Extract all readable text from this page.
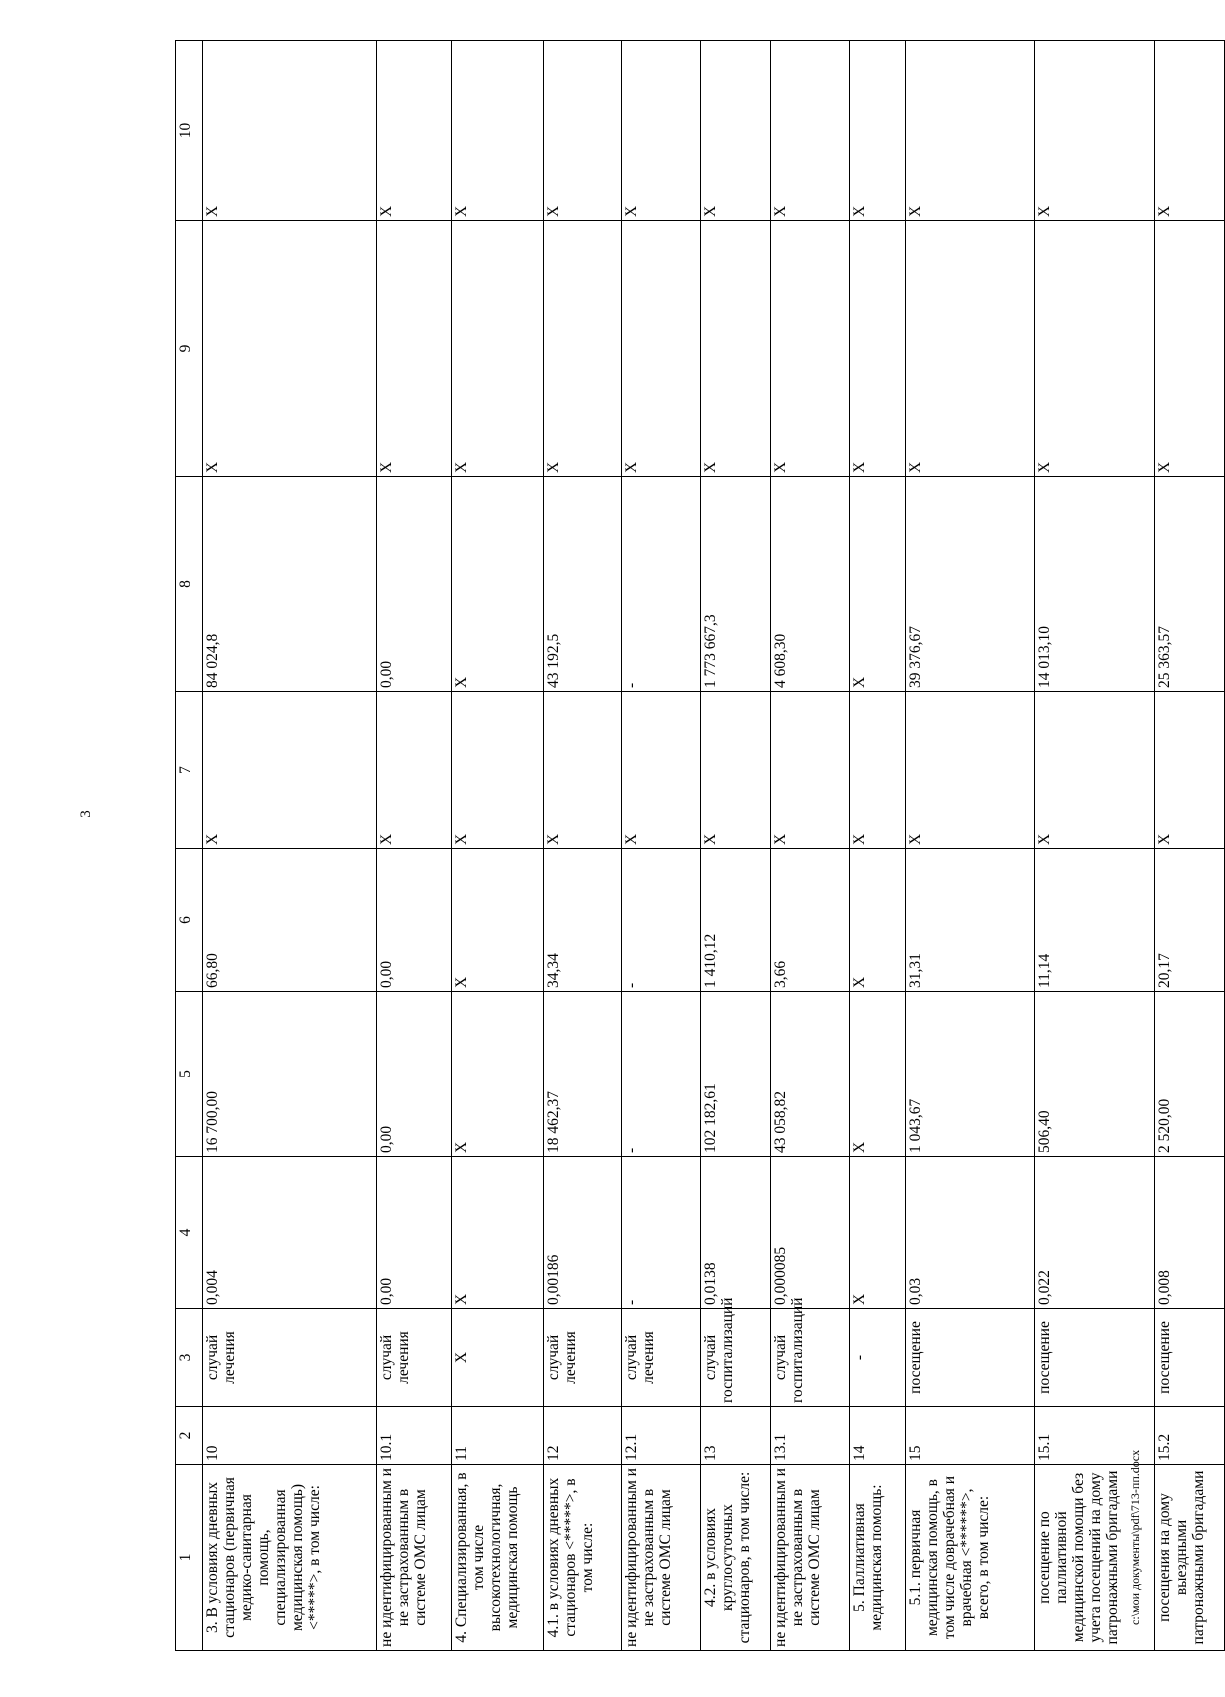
3
1	2	3	4	5	6	7	8	9	10
3. В условиях дневных стационаров (первичная медико-санитарная помощь, специализированная медицинская помощь) <*****>, в том числе:	10	случай лечения	0,004	16 700,00	66,80	X	84 024,8	X	X
не идентифицированным и не застрахованным в системе ОМС лицам	10.1	случай лечения	0,00	0,00	0,00	X	0,00	X	X
4. Специализированная, в том числе высокотехнологичная, медицинская помощь	11	X	X	X	X	X	X	X	X
4.1. в условиях дневных стационаров <*****>, в том числе:	12	случай лечения	0,00186	18 462,37	34,34	X	43 192,5	X	X
не идентифицированным и не застрахованным в системе ОМС лицам	12.1	случай лечения	-	-	-	X	-	X	X
4.2. в условиях круглосуточных стационаров, в том числе:	13	случай госпитализаций	0,0138	102 182,61	1 410,12	X	1 773 667,3	X	X
не идентифицированным и не застрахованным в системе ОМС лицам	13.1	случай госпитализаций	0,000085	43 058,82	3,66	X	4 608,30	X	X
5. Паллиативная медицинская помощь:	14	-	X	X	X	X	X	X	X
5.1. первичная медицинская помощь, в том числе доврачебная и врачебная <******>, всего, в том числе:	15	посещение	0,03	1 043,67	31,31	X	39 376,67	X	X
посещение по паллиативной медицинской помощи без учета посещений на дому патронажными бригадами	15.1	посещение	0,022	506,40	11,14	X	14 013,10	X	X
посещения на дому выездными патронажными бригадами	15.2	посещение	0,008	2 520,00	20,17	X	25 363,57	X	X
c:\мои документы\pdf\713-пп.docx
